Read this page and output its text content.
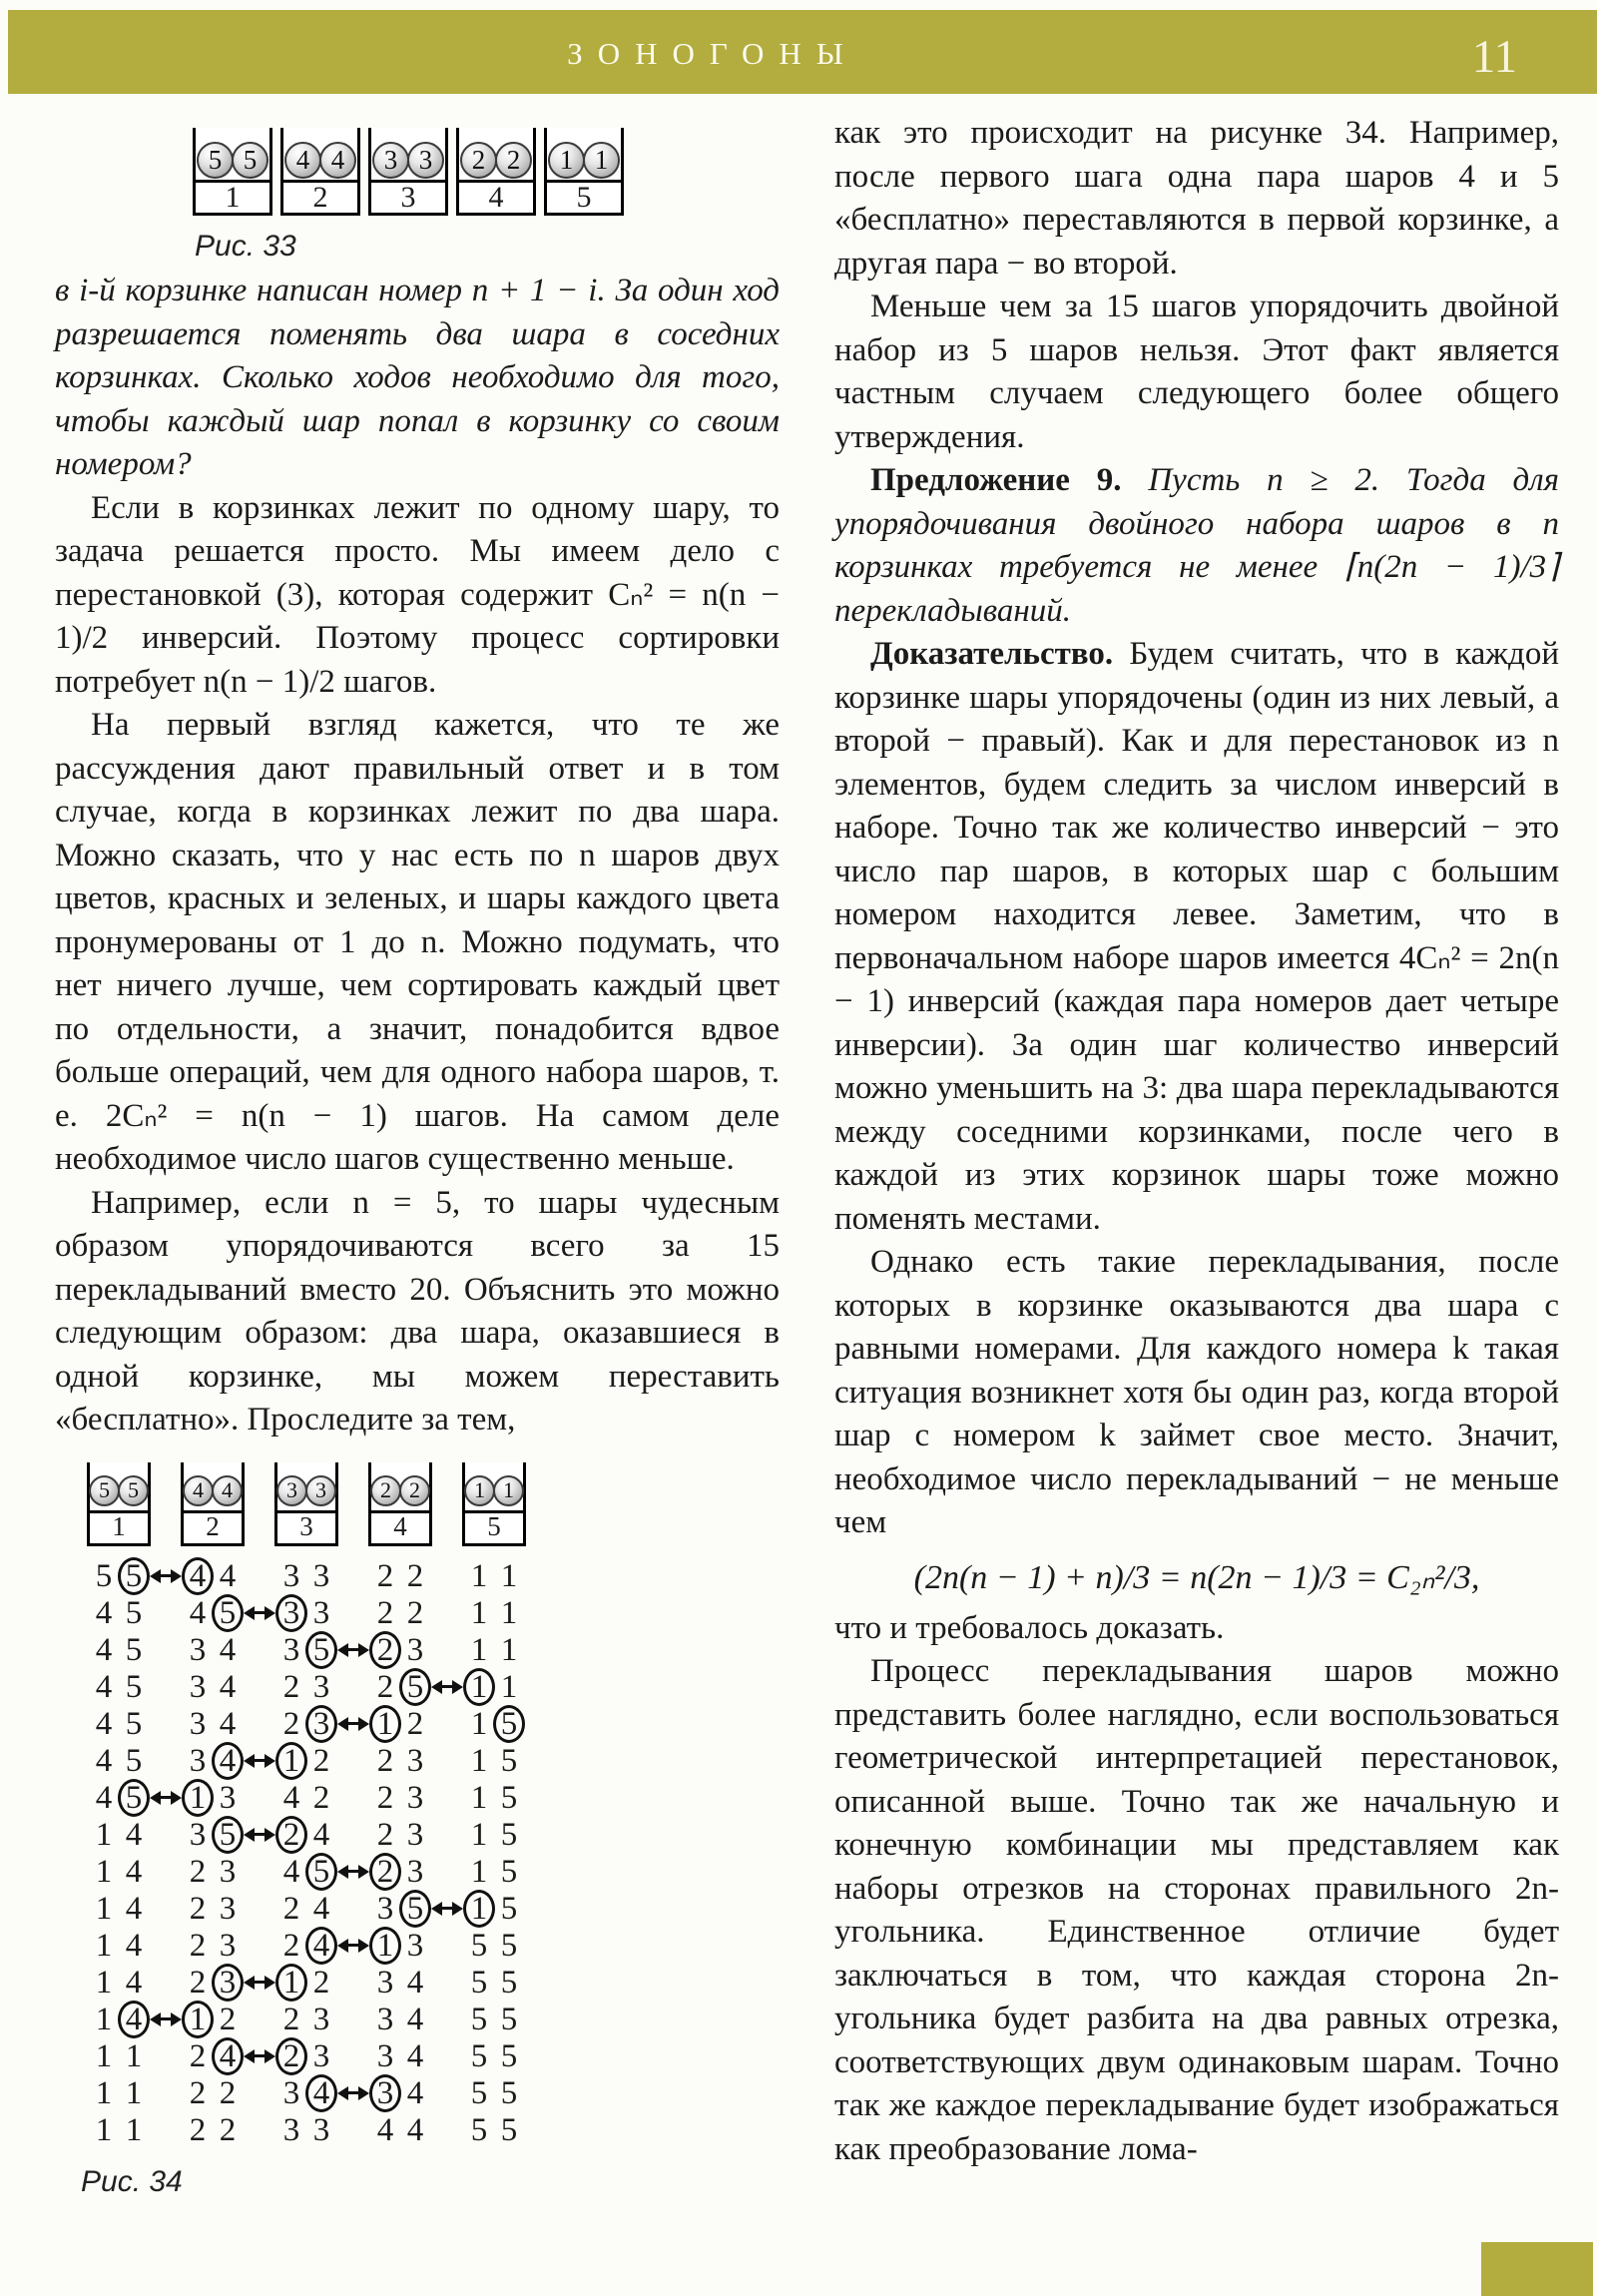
ЗОНОГОНЫ	11
5 5
1
4 4
2
3 3
3
2 2
4
1 1
5
Рис. 33

в i-й корзинке написан номер n + 1 − i. За один ход разрешается поменять два шара в соседних корзинках. Сколько ходов необходимо для того, чтобы каждый шар попал в корзинку со своим номером?

Если в корзинках лежит по одному шару, то задача решается просто. Мы имеем дело с перестановкой (3), которая содержит Cₙ² = n(n − 1)/2 инверсий. Поэтому процесс сортировки потребует n(n − 1)/2 шагов.

На первый взгляд кажется, что те же рассуждения дают правильный ответ и в том случае, когда в корзинках лежит по два шара. Можно сказать, что у нас есть по n шаров двух цветов, красных и зеленых, и шары каждого цвета пронумерованы от 1 до n. Можно подумать, что нет ничего лучше, чем сортировать каждый цвет по отдельности, а значит, понадобится вдвое больше операций, чем для одного набора шаров, т. е. 2Cₙ² = n(n − 1) шагов. На самом деле необходимое число шагов существенно меньше.

Например, если n = 5, то шары чудесным образом упорядочиваются всего за 15 перекладываний вместо 20. Объяснить это можно следующим образом: два шара, оказавшиеся в одной корзинке, мы можем переставить «бесплатно». Проследите за тем,

5 5
1
4 4
2
3 3
3
2 2
4
1 1
5
5 5 4 4 3 3 2 2 1 1
4 5 4 5 3 3 2 2 1 1
4 5 3 4 3 5 2 3 1 1
4 5 3 4 2 3 2 5 1 1
4 5 3 4 2 3 1 2 1 5
4 5 3 4 1 2 2 3 1 5
4 5 1 3 4 2 2 3 1 5
1 4 3 5 2 4 2 3 1 5
1 4 2 3 4 5 2 3 1 5
1 4 2 3 2 4 3 5 1 5
1 4 2 3 2 4 1 3 5 5
1 4 2 3 1 2 3 4 5 5
1 4 1 2 2 3 3 4 5 5
1 1 2 4 2 3 3 4 5 5
1 1 2 2 3 4 3 4 5 5
1 1 2 2 3 3 4 4 5 5
Рис. 34

как это происходит на рисунке 34. Например, после первого шага одна пара шаров 4 и 5 «бесплатно» переставляются в первой корзинке, а другая пара − во второй.

Меньше чем за 15 шагов упорядочить двойной набор из 5 шаров нельзя. Этот факт является частным случаем следующего более общего утверждения.

Предложение 9. Пусть n ≥ 2. Тогда для упорядочивания двойного набора шаров в n корзинках требуется не менее ⌈n(2n − 1)/3⌉ перекладываний.

Доказательство. Будем считать, что в каждой корзинке шары упорядочены (один из них левый, а второй − правый). Как и для перестановок из n элементов, будем следить за числом инверсий в наборе. Точно так же количество инверсий − это число пар шаров, в которых шар с большим номером находится левее. Заметим, что в первоначальном наборе шаров имеется 4Cₙ² = 2n(n − 1) инверсий (каждая пара номеров дает четыре инверсии). За один шаг количество инверсий можно уменьшить на 3: два шара перекладываются между соседними корзинками, после чего в каждой из этих корзинок шары тоже можно поменять местами.

Однако есть такие перекладывания, после которых в корзинке оказываются два шара с равными номерами. Для каждого номера k такая ситуация возникнет хотя бы один раз, когда второй шар с номером k займет свое место. Значит, необходимое число перекладываний − не меньше чем

(2n(n − 1) + n)/3 = n(2n − 1)/3 = C₂ₙ²/3,

что и требовалось доказать.

Процесс перекладывания шаров можно представить более наглядно, если воспользоваться геометрической интерпретацией перестановок, описанной выше. Точно так же начальную и конечную комбинации мы представляем как наборы отрезков на сторонах правильного 2n-угольника. Единственное отличие будет заключаться в том, что каждая сторона 2n-угольника будет разбита на два равных отрезка, соответствующих двум одинаковым шарам. Точно так же каждое перекладывание будет изображаться как преобразование лома-
